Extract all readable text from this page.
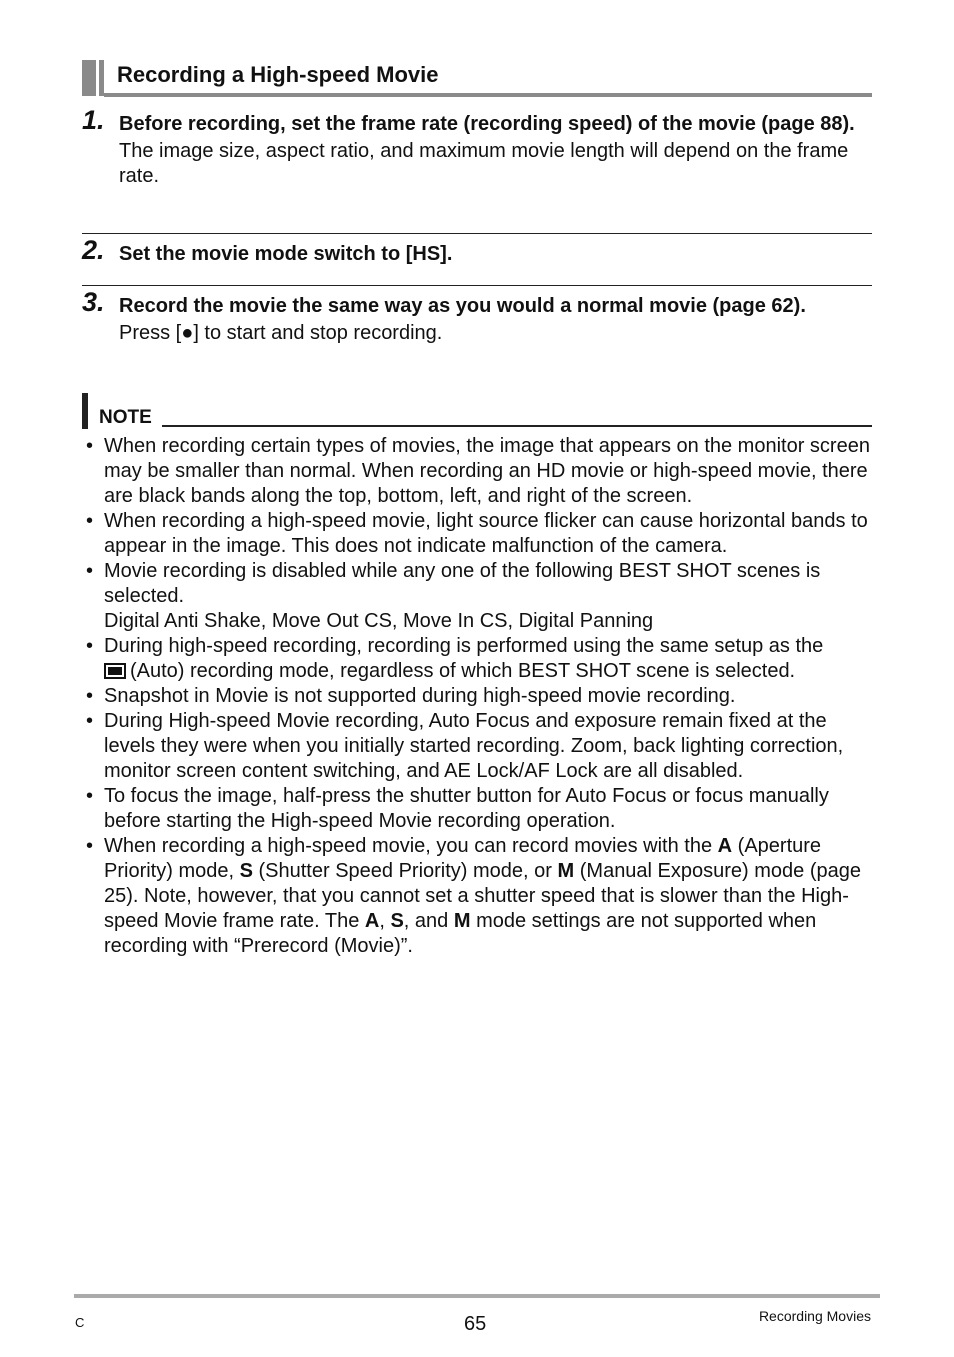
Recording a High-speed Movie
1. Before recording, set the frame rate (recording speed) of the movie (page 88).
The image size, aspect ratio, and maximum movie length will depend on the frame rate.
2. Set the movie mode switch to [HS].
3. Record the movie the same way as you would a normal movie (page 62).
Press [●] to start and stop recording.
NOTE
• When recording certain types of movies, the image that appears on the monitor screen may be smaller than normal. When recording an HD movie or high-speed movie, there are black bands along the top, bottom, left, and right of the screen.
• When recording a high-speed movie, light source flicker can cause horizontal bands to appear in the image. This does not indicate malfunction of the camera.
• Movie recording is disabled while any one of the following BEST SHOT scenes is selected.
Digital Anti Shake, Move Out CS, Move In CS, Digital Panning
• During high-speed recording, recording is performed using the same setup as the
(Auto) recording mode, regardless of which BEST SHOT scene is selected.
• Snapshot in Movie is not supported during high-speed movie recording.
• During High-speed Movie recording, Auto Focus and exposure remain fixed at the levels they were when you initially started recording. Zoom, back lighting correction, monitor screen content switching, and AE Lock/AF Lock are all disabled.
• To focus the image, half-press the shutter button for Auto Focus or focus manually before starting the High-speed Movie recording operation.
• When recording a high-speed movie, you can record movies with the A (Aperture Priority) mode, S (Shutter Speed Priority) mode, or M (Manual Exposure) mode (page 25). Note, however, that you cannot set a shutter speed that is slower than the High-speed Movie frame rate. The A, S, and M mode settings are not supported when recording with “Prerecord (Movie)”.
C	65	Recording Movies
